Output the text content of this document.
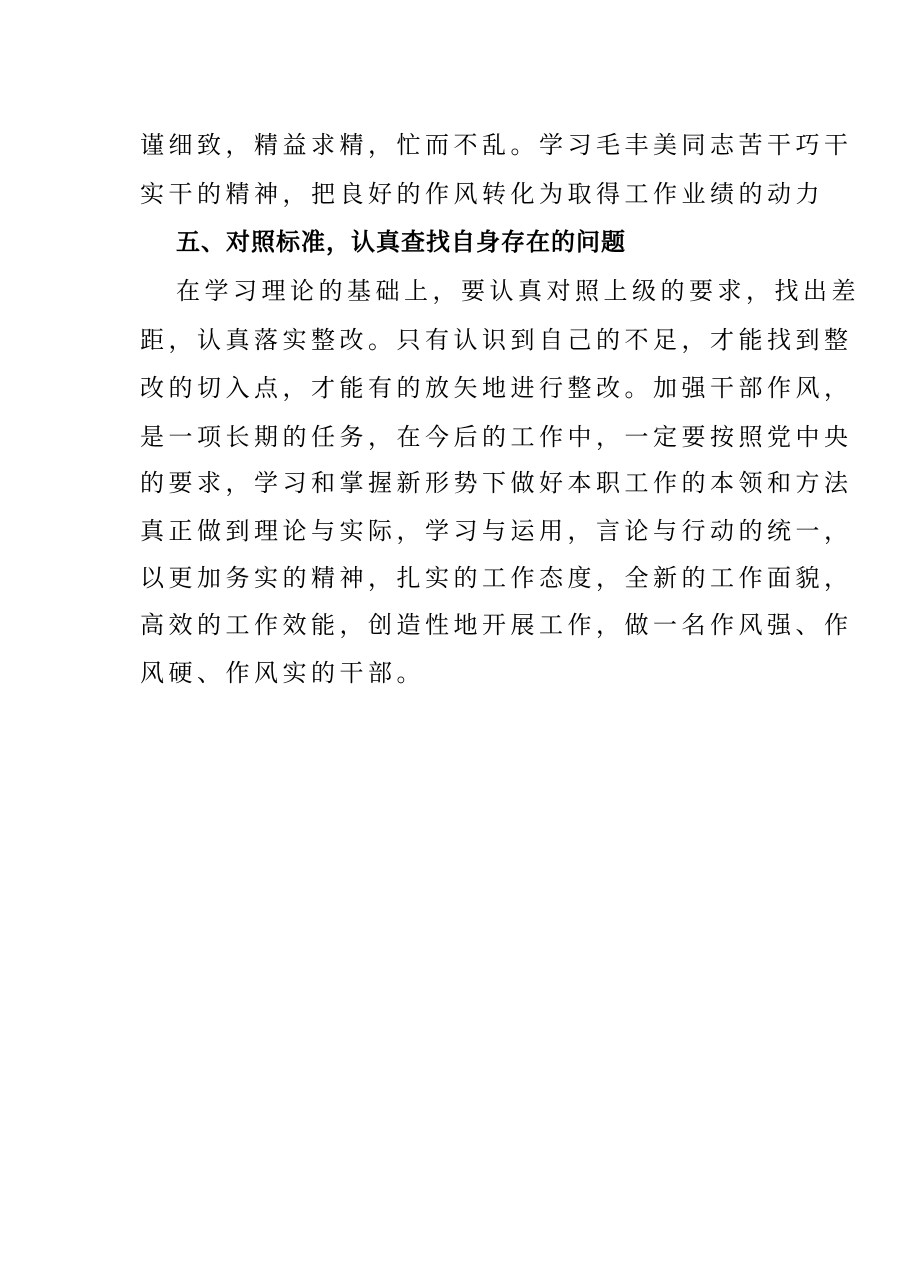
谨细致，精益求精，忙而不乱。学习毛丰美同志苦干巧干
实干的精神，把良好的作风转化为取得工作业绩的动力
五、对照标准，认真查找自身存在的问题
在学习理论的基础上，要认真对照上级的要求，找出差
距，认真落实整改。只有认识到自己的不足，才能找到整
改的切入点，才能有的放矢地进行整改。加强干部作风，
是一项长期的任务，在今后的工作中，一定要按照党中央
的要求，学习和掌握新形势下做好本职工作的本领和方法
真正做到理论与实际，学习与运用，言论与行动的统一，
以更加务实的精神，扎实的工作态度，全新的工作面貌，
高效的工作效能，创造性地开展工作，做一名作风强、作
风硬、作风实的干部。
